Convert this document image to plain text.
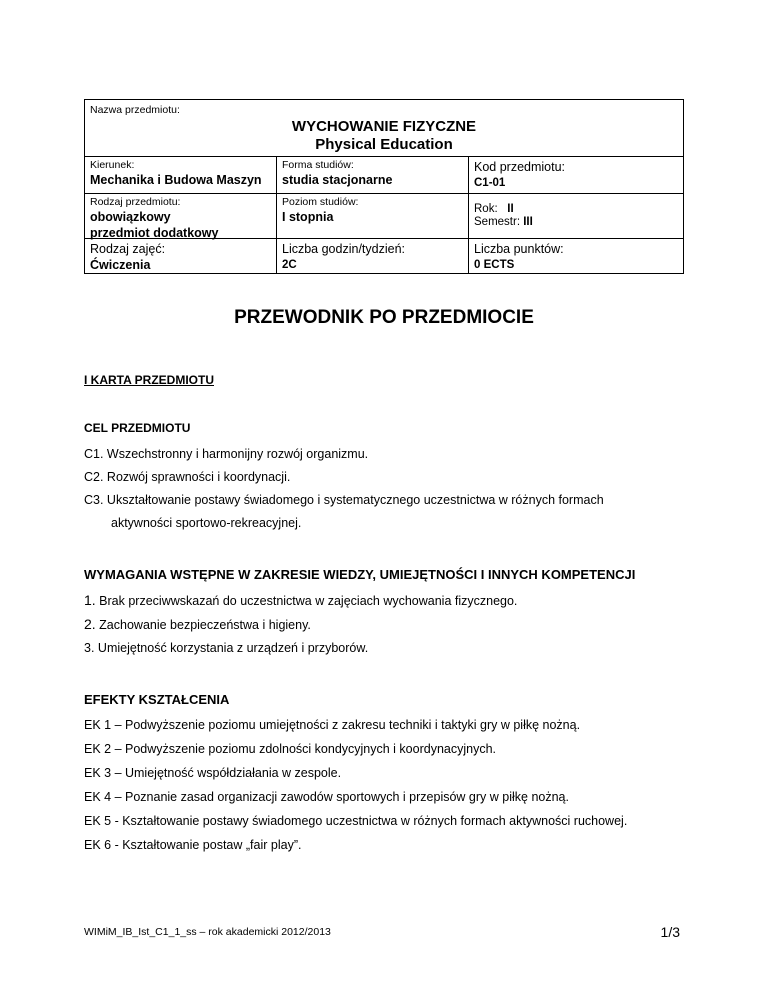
Nazwa przedmiotu:
WYCHOWANIE FIZYCZNE
Physical Education
Kierunek:
Mechanika i Budowa Maszyn
Forma studiów:
studia stacjonarne
Kod przedmiotu:
C1-01
Rodzaj przedmiotu:
obowiązkowy
przedmiot dodatkowy
Poziom studiów:
I stopnia
Rok: II
Semestr: III
Rodzaj zajęć:
Ćwiczenia
Liczba godzin/tydzień:
2C
Liczba punktów:
0 ECTS
PRZEWODNIK PO PRZEDMIOCIE
I KARTA PRZEDMIOTU
CEL PRZEDMIOTU
C1. Wszechstronny i harmonijny rozwój organizmu.
C2. Rozwój sprawności i koordynacji.
C3. Ukształtowanie postawy świadomego i systematycznego uczestnictwa w różnych formach
aktywności sportowo-rekreacyjnej.
WYMAGANIA WSTĘPNE W ZAKRESIE WIEDZY, UMIEJĘTNOŚCI I INNYCH KOMPETENCJI
1. Brak przeciwwskazań do uczestnictwa w zajęciach wychowania fizycznego.
2. Zachowanie bezpieczeństwa i higieny.
3. Umiejętność korzystania z urządzeń i przyborów.
EFEKTY KSZTAŁCENIA
EK 1 – Podwyższenie poziomu umiejętności z zakresu techniki i taktyki gry w piłkę nożną.
EK 2 – Podwyższenie poziomu zdolności kondycyjnych i koordynacyjnych.
EK 3 – Umiejętność współdziałania w zespole.
EK 4 – Poznanie zasad organizacji zawodów sportowych i przepisów gry w piłkę nożną.
EK 5 - Kształtowanie postawy świadomego uczestnictwa w różnych formach aktywności ruchowej.
EK 6 - Kształtowanie postaw „fair play”.
WIMiM_IB_Ist_C1_1_ss – rok akademicki 2012/2013	1/3
